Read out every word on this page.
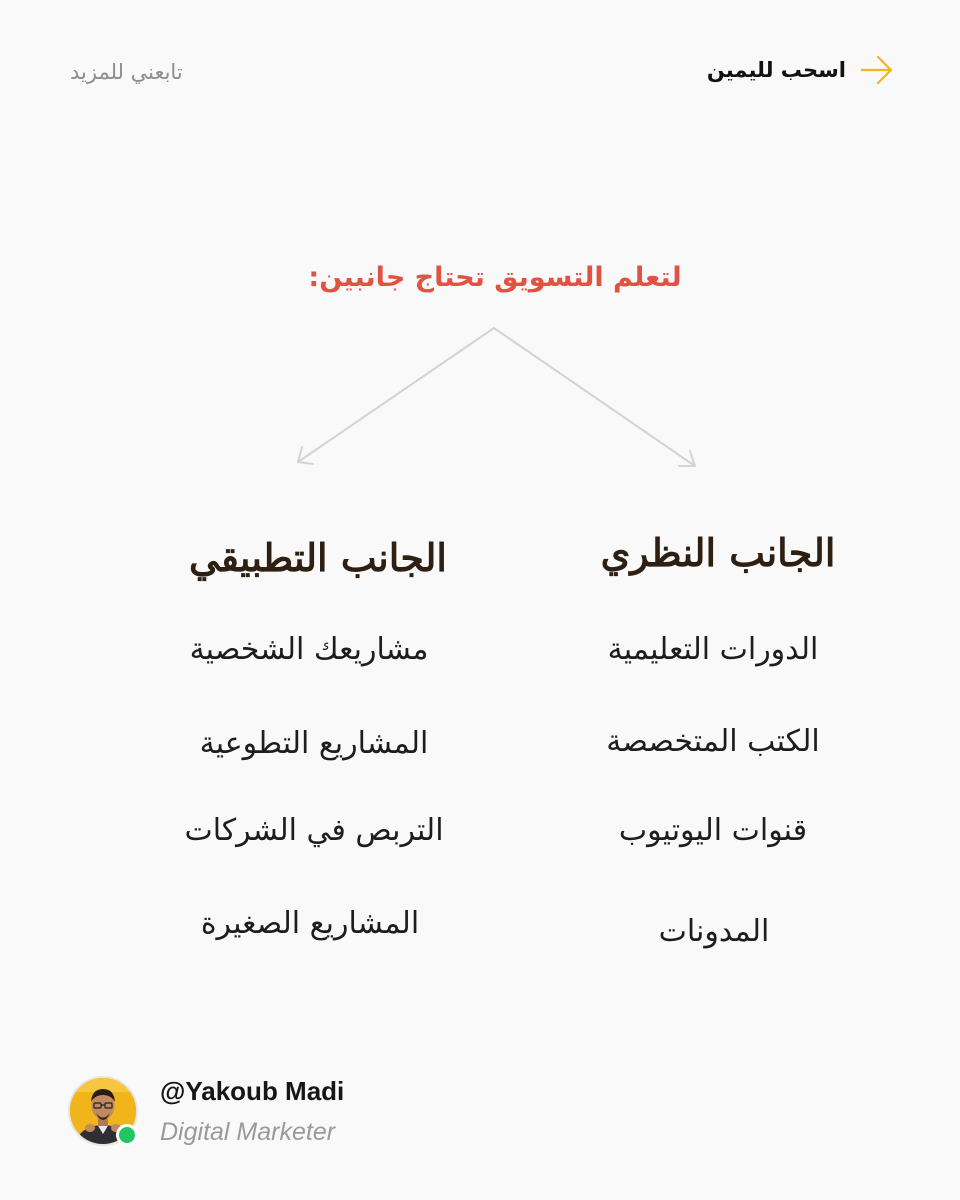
تابعني للمزيد	اسحب لليمين
لتعلم التسويق تحتاج جانبين:
الجانب النظري
الدورات التعليمية
الكتب المتخصصة
قنوات اليوتيوب
المدونات
الجانب التطبيقي
مشاريعك الشخصية
المشاريع التطوعية
التربص في الشركات
المشاريع الصغيرة
@Yakoub Madi
Digital Marketer
